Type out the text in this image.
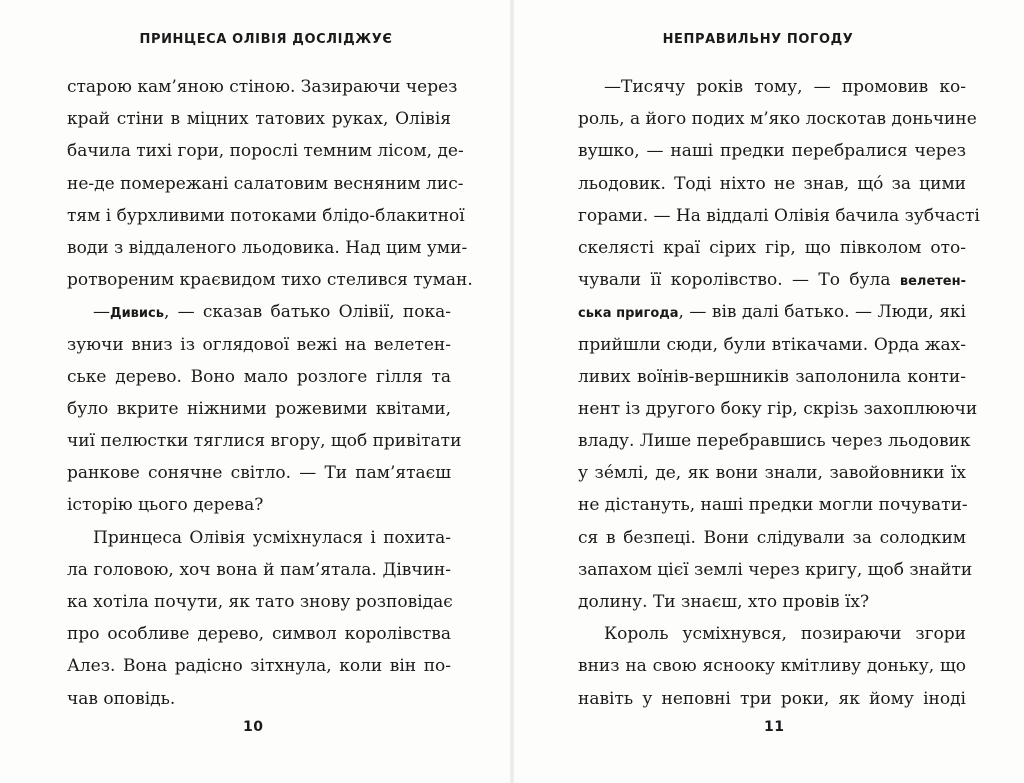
ПРИНЦЕСА ОЛІВІЯ ДОСЛІДЖУЄ
старою кам’яною стіною. Зазираючи через
край стіни в міцних татових руках, Олівія
бачила тихі гори, порослі темним лісом, де-
не-де помережані салатовим весняним лис-
тям і бурхливими потоками блідо-блакитної
води з віддаленого льодовика. Над цим уми-
ротвореним краєвидом тихо стелився туман.
—Дивись, — сказав батько Олівії, пока-
зуючи вниз із оглядової вежі на велетен-
ське дерево. Воно мало розлоге гілля та
було вкрите ніжними рожевими квітами,
чиї пелюстки тяглися вгору, щоб привітати
ранкове сонячне світло. — Ти пам’ятаєш
історію цього дерева?
Принцеса Олівія усміхнулася і похита-
ла головою, хоч вона й пам’ятала. Дівчин-
ка хотіла почути, як тато знову розповідає
про особливе дерево, символ королівства
Алез. Вона радісно зітхнула, коли він по-
чав оповідь.
10
НЕПРАВИЛЬНУ ПОГОДУ
—Тисячу років тому, — промовив ко-
роль, а його подих м’яко лоскотав доньчине
вушко, — наші предки перебралися через
льодовик. Тоді ніхто не знав, щó за цими
горами. — На віддалі Олівія бачила зубчасті
скелясті краї сірих гір, що півколом ото-
чували її королівство. — То була велетен-
ська пригода, — вів далі батько. — Люди, які
прийшли сюди, були втікачами. Орда жах-
ливих воїнів-вершників заполонила конти-
нент із другого боку гір, скрізь захоплюючи
владу. Лише перебравшись через льодовик
у зéмлі, де, як вони знали, завойовники їх
не дістануть, наші предки могли почувати-
ся в безпеці. Вони слідували за солодким
запахом цієї землі через кригу, щоб знайти
долину. Ти знаєш, хто провів їх?
Король усміхнувся, позираючи згори
вниз на свою ясноокy кмітливу доньку, що
навіть у неповні три роки, як йому іноді
11
